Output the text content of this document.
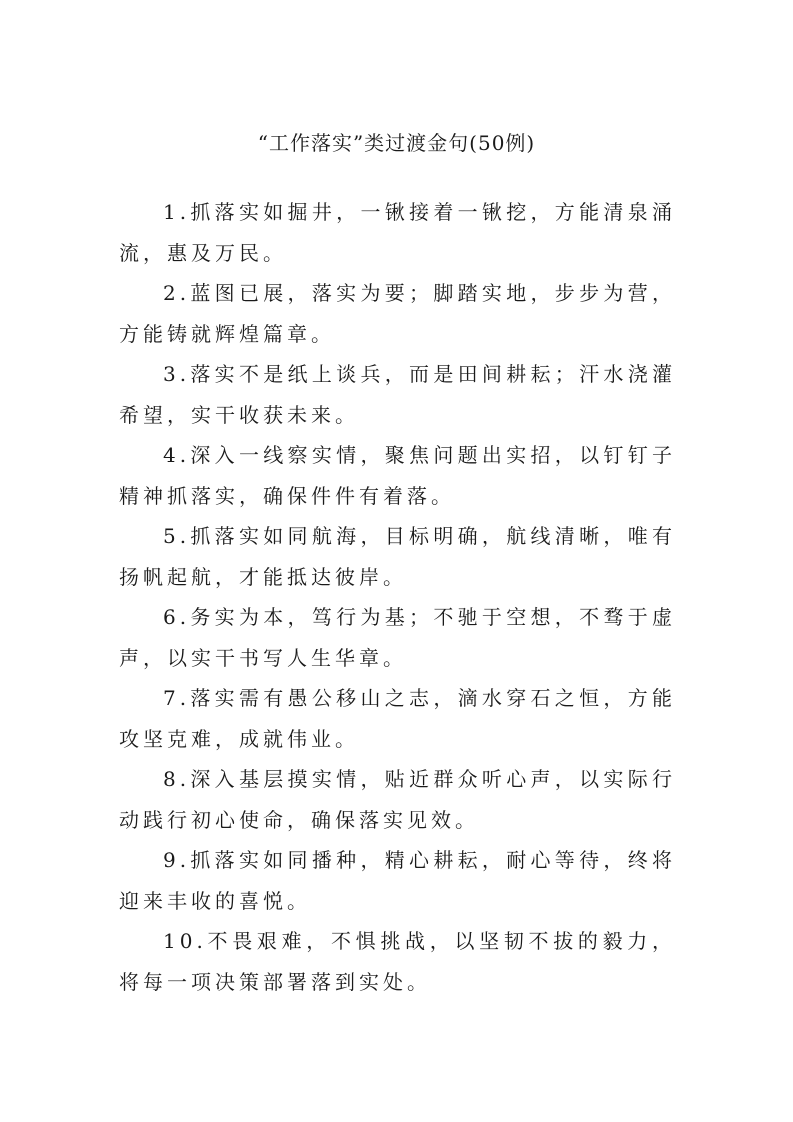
“工作落实”类过渡金句(50例)

1.抓落实如掘井，一锹接着一锹挖，方能清泉涌流，惠及万民。

2.蓝图已展，落实为要；脚踏实地，步步为营，方能铸就辉煌篇章。

3.落实不是纸上谈兵，而是田间耕耘；汗水浇灌希望，实干收获未来。

4.深入一线察实情，聚焦问题出实招，以钉钉子精神抓落实，确保件件有着落。

5.抓落实如同航海，目标明确，航线清晰，唯有扬帆起航，才能抵达彼岸。

6.务实为本，笃行为基；不驰于空想，不骛于虚声，以实干书写人生华章。

7.落实需有愚公移山之志，滴水穿石之恒，方能攻坚克难，成就伟业。

8.深入基层摸实情，贴近群众听心声，以实际行动践行初心使命，确保落实见效。

9.抓落实如同播种，精心耕耘，耐心等待，终将迎来丰收的喜悦。

10.不畏艰难，不惧挑战，以坚韧不拔的毅力，将每一项决策部署落到实处。
